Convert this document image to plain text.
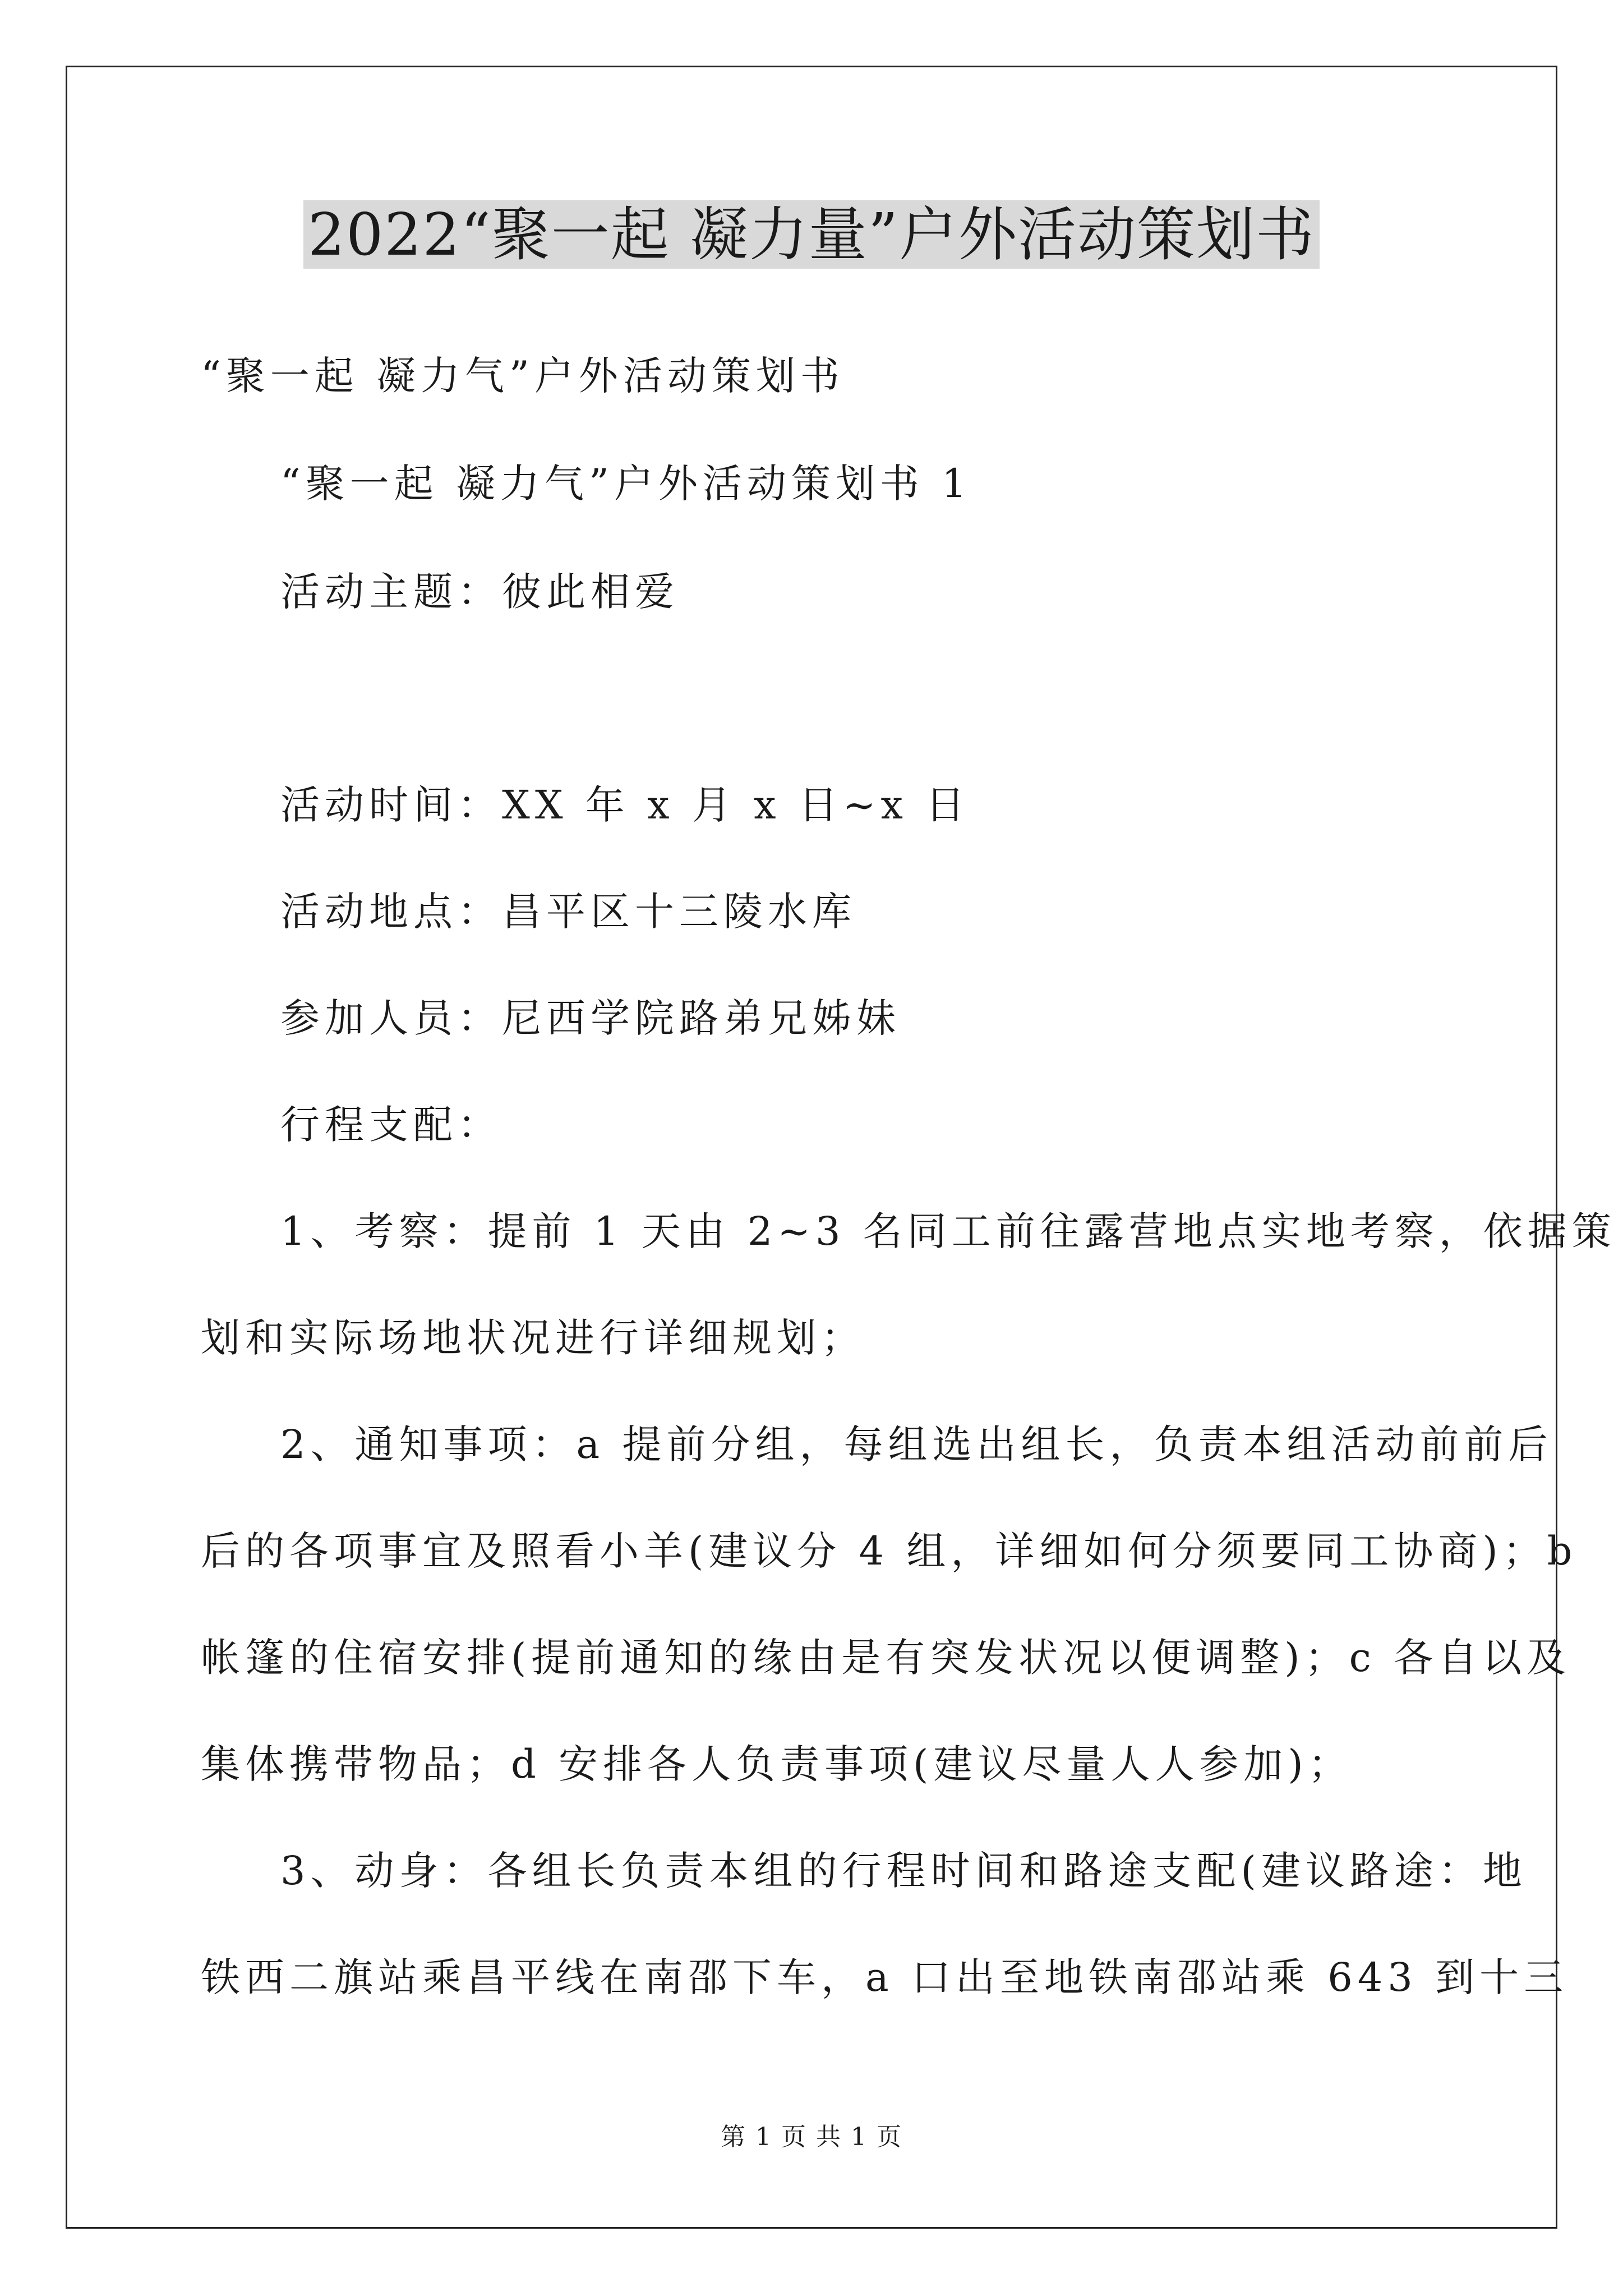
2022“聚一起 凝力量”户外活动策划书
“聚一起 凝力气”户外活动策划书
“聚一起 凝力气”户外活动策划书 1
活动主题：彼此相爱
活动时间：XX 年 x 月 x 日~x 日
活动地点：昌平区十三陵水库
参加人员：尼西学院路弟兄姊妹
行程支配：
1、考察：提前 1 天由 2~3 名同工前往露营地点实地考察，依据策
划和实际场地状况进行详细规划；
2、通知事项：a 提前分组，每组选出组长，负责本组活动前前后
后的各项事宜及照看小羊(建议分 4 组，详细如何分须要同工协商)；b
帐篷的住宿安排(提前通知的缘由是有突发状况以便调整)；c 各自以及
集体携带物品；d 安排各人负责事项(建议尽量人人参加)；
3、动身：各组长负责本组的行程时间和路途支配(建议路途：地
铁西二旗站乘昌平线在南邵下车，a 口出至地铁南邵站乘 643 到十三
第 1 页 共 1 页
